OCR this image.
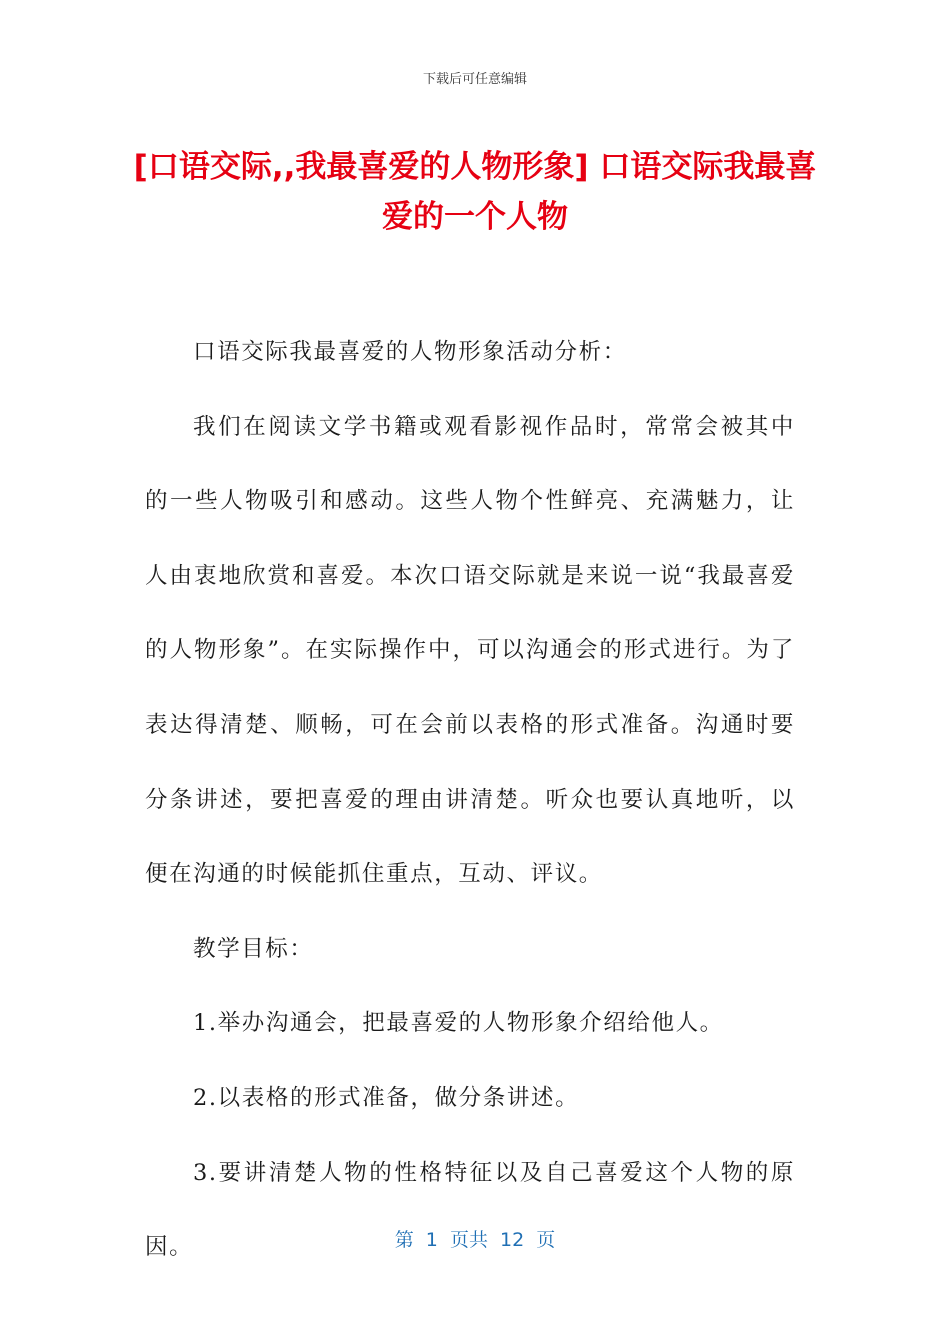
下载后可任意编辑
[口语交际,,我最喜爱的人物形象] 口语交际我最喜爱的一个人物

口语交际我最喜爱的人物形象活动分析：

我们在阅读文学书籍或观看影视作品时，常常会被其中的一些人物吸引和感动。这些人物个性鲜亮、充满魅力，让人由衷地欣赏和喜爱。本次口语交际就是来说一说“我最喜爱的人物形象”。在实际操作中，可以沟通会的形式进行。为了表达得清楚、顺畅，可在会前以表格的形式准备。沟通时要分条讲述，要把喜爱的理由讲清楚。听众也要认真地听，以便在沟通的时候能抓住重点，互动、评议。

教学目标：

1.举办沟通会，把最喜爱的人物形象介绍给他人。

2.以表格的形式准备，做分条讲述。

3.要讲清楚人物的性格特征以及自己喜爱这个人物的原因。	第  1  页共  12  页
